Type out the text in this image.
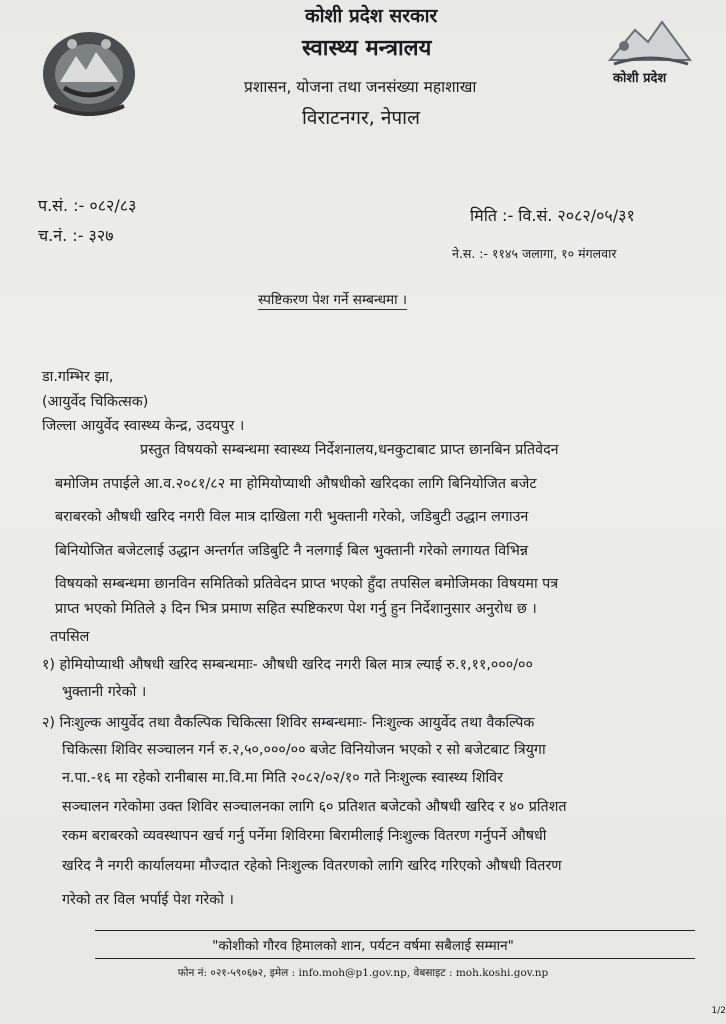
कोशी प्रदेश
कोशी प्रदेश सरकार
स्वास्थ्य मन्त्रालय
प्रशासन, योजना तथा जनसंख्या महाशाखा
विराटनगर, नेपाल
प.सं. :- ०८२/८३
च.नं. :- ३२७
मिति :- वि.सं. २०८२/०५/३१
ने.स. :- ११४५ जलागा, १० मंगलवार
स्पष्टिकरण पेश गर्ने सम्बन्धमा ।
डा.गम्भिर झा,
(आयुर्वेद चिकित्सक)
जिल्ला आयुर्वेद स्वास्थ्य केन्द्र, उदयपुर ।
प्रस्तुत विषयको सम्बन्धमा स्वास्थ्य निर्देशनालय,धनकुटाबाट प्राप्त छानबिन प्रतिवेदन
बमोजिम तपाईले आ.व.२०८१/८२ मा होमियोप्याथी औषधीको खरिदका लागि बिनियोजित बजेट
बराबरको औषधी खरिद नगरी विल मात्र दाखिला गरी भुक्तानी गरेको, जडिबुटी उद्धान लगाउन
बिनियोजित बजेटलाई उद्धान अन्तर्गत जडिबुटि नै नलगाई बिल भुक्तानी गरेको लगायत विभिन्न
विषयको सम्बन्धमा छानविन समितिको प्रतिवेदन प्राप्त भएको हुँदा तपसिल बमोजिमका विषयमा पत्र
प्राप्त भएको मितिले ३ दिन भित्र प्रमाण सहित स्पष्टिकरण पेश गर्नु हुन निर्देशानुसार अनुरोध छ ।
तपसिल
१) होमियोप्याथी औषधी खरिद सम्बन्धमाः- औषधी खरिद नगरी बिल मात्र ल्याई रु.१,११,०००/००
भुक्तानी गरेको ।
२) निःशुल्क आयुर्वेद तथा वैकल्पिक चिकित्सा शिविर सम्बन्धमाः- निःशुल्क आयुर्वेद तथा वैकल्पिक
चिकित्सा शिविर सञ्चालन गर्न रु.२,५०,०००/०० बजेट विनियोजन भएको र सो बजेटबाट त्रियुगा
न.पा.-१६ मा रहेको रानीबास मा.वि.मा मिति २०८२/०२/१० गते निःशुल्क स्वास्थ्य शिविर
सञ्चालन गरेकोमा उक्त शिविर सञ्चालनका लागि ६० प्रतिशत बजेटको औषधी खरिद र ४० प्रतिशत
रकम बराबरको व्यवस्थापन खर्च गर्नु पर्नेमा शिविरमा बिरामीलाई निःशुल्क वितरण गर्नुपर्ने औषधी
खरिद नै नगरी कार्यालयमा मौज्दात रहेको निःशुल्क वितरणको लागि खरिद गरिएको औषधी वितरण
गरेको तर विल भर्पाई पेश गरेको ।
"कोशीको गौरव हिमालको शान, पर्यटन वर्षमा सबैलाई सम्मान"
फोन नं: ०२१-५९०६७२, इमेल : info.moh@p1.gov.np, वेबसाइट : moh.koshi.gov.np
1/2
